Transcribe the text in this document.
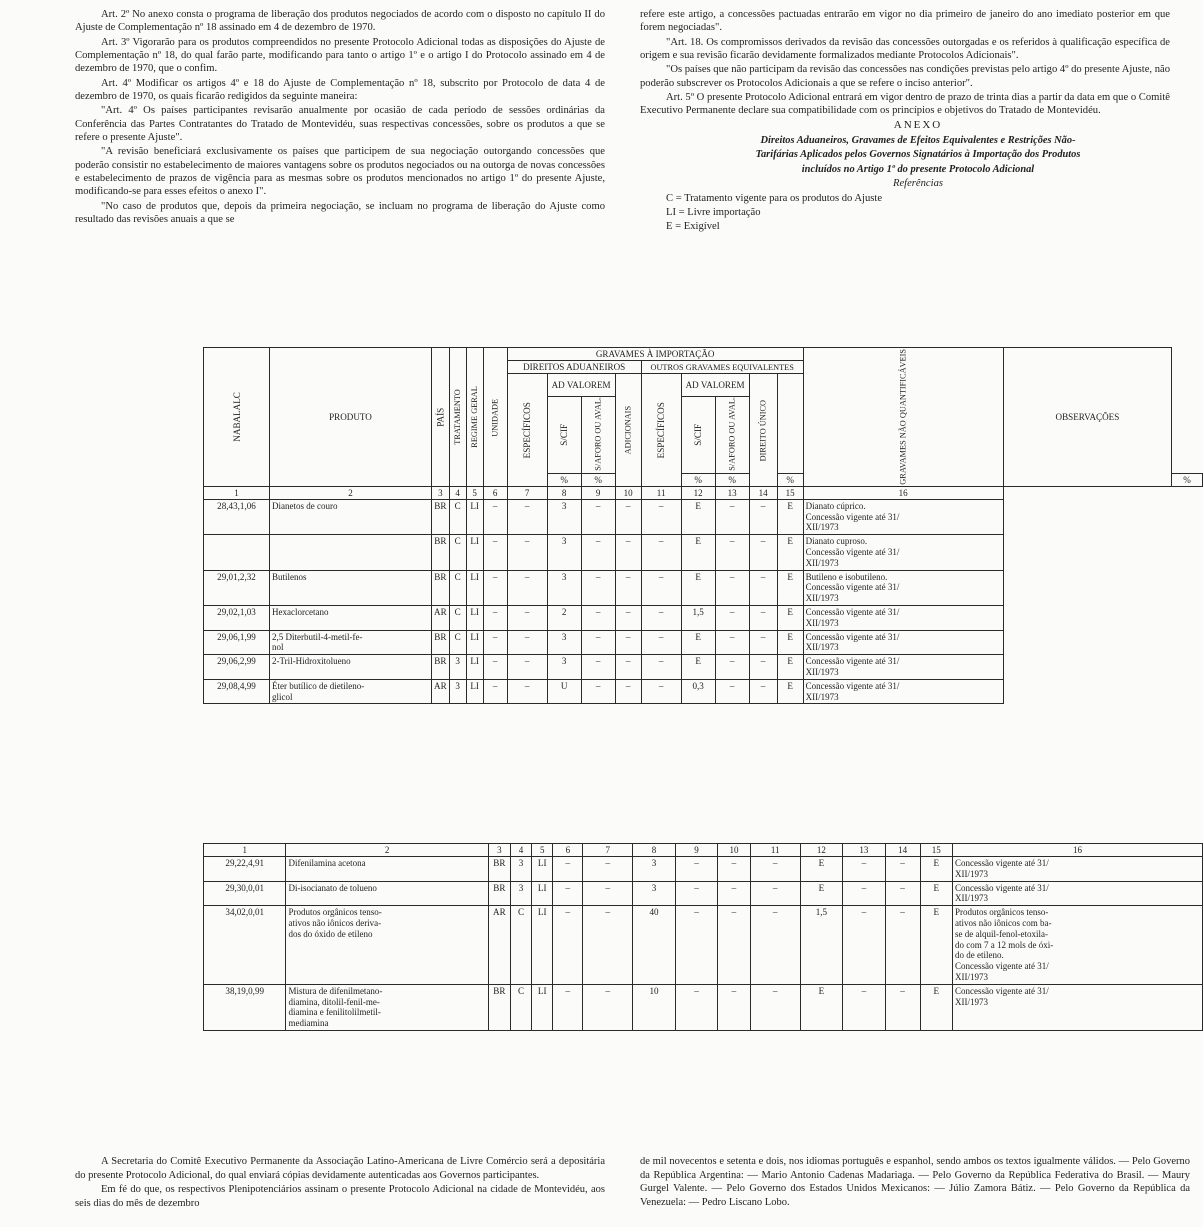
Art. 2º No anexo consta o programa de liberação dos produtos negociados de acordo com o disposto no capítulo II do Ajuste de Complementação nº 18 assinado em 4 de dezembro de 1970.

Art. 3º Vigorarão para os produtos compreendidos no presente Protocolo Adicional todas as disposições do Ajuste de Complementação nº 18, do qual farão parte, modificando para tanto o artigo 1º e o artigo I do Protocolo assinado em 4 de dezembro de 1970, que o confim.

Art. 4º Modificar os artigos 4º e 18 do Ajuste de Complementação nº 18, subscrito por Protocolo de data 4 de dezembro de 1970, os quais ficarão redigidos da seguinte maneira:

"Art. 4º Os países participantes revisarão anualmente por ocasião de cada período de sessões ordinárias da Conferência das Partes Contratantes do Tratado de Montevidéu, suas respectivas concessões, sobre os produtos a que se refere o presente Ajuste".

"A revisão beneficiará exclusivamente os países que participem de sua negociação outorgando concessões que poderão consistir no estabelecimento de maiores vantagens sobre os produtos negociados ou na outorga de novas concessões e estabelecimento de prazos de vigência para as mesmas sobre os produtos mencionados no artigo 1º do presente Ajuste, modificando-se para esses efeitos o anexo I".

"No caso de produtos que, depois da primeira negociação, se incluam no programa de liberação do Ajuste como resultado das revisões anuais a que se

refere este artigo, a concessões pactuadas entrarão em vigor no dia primeiro de janeiro do ano imediato posterior em que forem negociadas".

"Art. 18. Os compromissos derivados da revisão das concessões outorgadas e os referidos à qualificação específica de origem e sua revisão ficarão devidamente formalizados mediante Protocolos Adicionais".

"Os países que não participam da revisão das concessões nas condições previstas pelo artigo 4º do presente Ajuste, não poderão subscrever os Protocolos Adicionais a que se refere o inciso anterior".

Art. 5º O presente Protocolo Adicional entrará em vigor dentro de prazo de trinta dias a partir da data em que o Comitê Executivo Permanente declare sua compatibilidade com os princípios e objetivos do Tratado de Montevidéu.

ANEXO

Direitos Aduaneiros, Gravames de Efeitos Equivalentes e Restrições Não-

Tarifárias Aplicados pelos Governos Signatários à Importação dos Produtos

incluídos no Artigo 1º do presente Protocolo Adicional

Referências

C = Tratamento vigente para os produtos do Ajuste

LI = Livre importação

E = Exigível

NABALALC	PRODUTO	PAÍS	TRATAMENTO	REGIME GERAL	UNIDADE	GRAVAMES À IMPORTAÇÃO									GRAVAMES NÃO QUANTIFICÁVEIS	OBSERVAÇÕES	
						DIREITOS ADUANEIROS				OUTROS GRAVAMES EQUIVALENTES							
						ESPECÍFICOS	AD VALOREM		ADICIONAIS	ESPECÍFICOS	AD VALOREM		DIREITO ÚNICO				
							S/CIF	S/AFORO OU AVAL.			S/CIF	S/AFORO OU AVAL.					
							%	%			%	%		%			%
1	2	3	4	5	6	7	8	9	10	11	12	13	14	15	16		
28,43,1,06	Dianetos de couro	BR	C	LI	–	–	3	–	–	–	E	–	–	E	Dianato cúprico.
Concessão vigente até 31/
XII/1973		
		BR	C	LI	–	–	3	–	–	–	E	–	–	E	Dianato cuproso.
Concessão vigente até 31/
XII/1973		
29,01,2,32	Butilenos	BR	C	LI	–	–	3	–	–	–	E	–	–	E	Butileno e isobutileno.
Concessão vigente até 31/
XII/1973		
29,02,1,03	Hexaclorcetano	AR	C	LI	–	–	2	–	–	–	1,5	–	–	E	Concessão vigente até 31/
XII/1973		
29,06,1,99	2,5 Diterbutil-4-metil-fe-
nol	BR	C	LI	–	–	3	–	–	–	E	–	–	E	Concessão vigente até 31/
XII/1973		
29,06,2,99	2-Tril-Hidroxitolueno	BR	3	LI	–	–	3	–	–	–	E	–	–	E	Concessão vigente até 31/
XII/1973		
29,08,4,99	Éter butílico de dietileno-
glicol	AR	3	LI	–	–	U	–	–	–	0,3	–	–	E	Concessão vigente até 31/
XII/1973		
1	2	3	4	5	6	7	8	9	10	11	12	13	14	15	16
29,22,4,91	Difenilamina acetona	BR	3	LI	–	–	3	–	–	–	E	–	–	E	Concessão vigente até 31/
XII/1973
29,30,0,01	Di-isocianato de tolueno	BR	3	LI	–	–	3	–	–	–	E	–	–	E	Concessão vigente até 31/
XII/1973
34,02,0,01	Produtos orgânicos tenso-
ativos não iônicos deriva-
dos do óxido de etileno	AR	C	LI	–	–	40	–	–	–	1,5	–	–	E	Produtos orgânicos tenso-
ativos não iônicos com ba-
se de alquil-fenol-etoxila-
do com 7 a 12 mols de óxi-
do de etileno.
Concessão vigente até 31/
XII/1973
38,19,0,99	Mistura de difenilmetano-
diamina, ditolil-fenil-me-
diamina e fenilitolilmetil-
mediamina	BR	C	LI	–	–	10	–	–	–	E	–	–	E	Concessão vigente até 31/
XII/1973

A Secretaria do Comitê Executivo Permanente da Associação Latino-Americana de Livre Comércio será a depositária do presente Protocolo Adicional, do qual enviará cópias devidamente autenticadas aos Governos participantes.

Em fé do que, os respectivos Plenipotenciários assinam o presente Protocolo Adicional na cidade de Montevidéu, aos seis dias do mês de dezembro

de mil novecentos e setenta e dois, nos idiomas português e espanhol, sendo ambos os textos igualmente válidos. — Pelo Governo da República Argentina: — Mario Antonio Cadenas Madariaga. — Pelo Governo da República Federativa do Brasil. — Maury Gurgel Valente. — Pelo Governo dos Estados Unidos Mexicanos: — Júlio Zamora Bátiz. — Pelo Governo da República da Venezuela: — Pedro Liscano Lobo.
